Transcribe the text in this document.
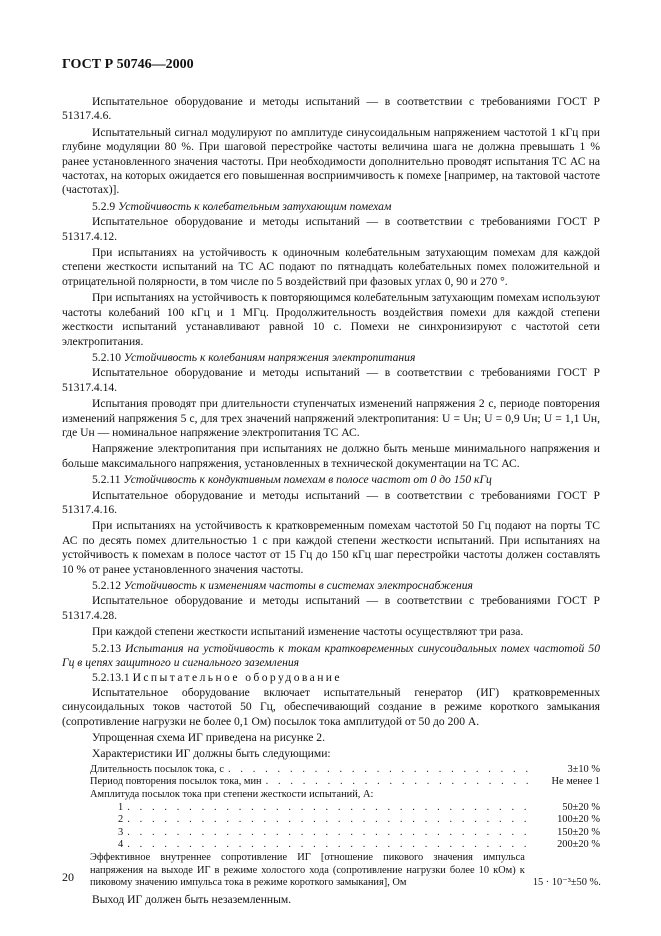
ГОСТ Р 50746—2000
Испытательное оборудование и методы испытаний — в соответствии с требованиями ГОСТ Р 51317.4.6.
Испытательный сигнал модулируют по амплитуде синусоидальным напряжением частотой 1 кГц при глубине модуляции 80 %. При шаговой перестройке частоты величина шага не должна превышать 1 % ранее установленного значения частоты. При необходимости дополнительно проводят испытания ТС АС на частотах, на которых ожидается его повышенная восприимчивость к помехе [например, на тактовой частоте (частотах)].
5.2.9 Устойчивость к колебательным затухающим помехам
Испытательное оборудование и методы испытаний — в соответствии с требованиями ГОСТ Р 51317.4.12.
При испытаниях на устойчивость к одиночным колебательным затухающим помехам для каждой степени жесткости испытаний на ТС АС подают по пятнадцать колебательных помех положительной и отрицательной полярности, в том числе по 5 воздействий при фазовых углах 0, 90 и 270 °.
При испытаниях на устойчивость к повторяющимся колебательным затухающим помехам используют частоты колебаний 100 кГц и 1 МГц. Продолжительность воздействия помехи для каждой степени жесткости испытаний устанавливают равной 10 с. Помехи не синхронизируют с частотой сети электропитания.
5.2.10 Устойчивость к колебаниям напряжения электропитания
Испытательное оборудование и методы испытаний — в соответствии с требованиями ГОСТ Р 51317.4.14.
Испытания проводят при длительности ступенчатых изменений напряжения 2 с, периоде повторения изменений напряжения 5 с, для трех значений напряжений электропитания: U = Uн; U = 0,9 Uн; U = 1,1 Uн, где Uн — номинальное напряжение электропитания ТС АС.
Напряжение электропитания при испытаниях не должно быть меньше минимального напряжения и больше максимального напряжения, установленных в технической документации на ТС АС.
5.2.11 Устойчивость к кондуктивным помехам в полосе частот от 0 до 150 кГц
Испытательное оборудование и методы испытаний — в соответствии с требованиями ГОСТ Р 51317.4.16.
При испытаниях на устойчивость к кратковременным помехам частотой 50 Гц подают на порты ТС АС по десять помех длительностью 1 с при каждой степени жесткости испытаний. При испытаниях на устойчивость к помехам в полосе частот от 15 Гц до 150 кГц шаг перестройки частоты должен составлять 10 % от ранее установленного значения частоты.
5.2.12 Устойчивость к изменениям частоты в системах электроснабжения
Испытательное оборудование и методы испытаний — в соответствии с требованиями ГОСТ Р 51317.4.28.
При каждой степени жесткости испытаний изменение частоты осуществляют три раза.
5.2.13 Испытания на устойчивость к токам кратковременных синусоидальных помех частотой 50 Гц в цепях защитного и сигнального заземления
5.2.13.1 Испытательное оборудование
Испытательное оборудование включает испытательный генератор (ИГ) кратковременных синусоидальных токов частотой 50 Гц, обеспечивающий создание в режиме короткого замыкания (сопротивление нагрузки не более 0,1 Ом) посылок тока амплитудой от 50 до 200 А.
Упрощенная схема ИГ приведена на рисунке 2.
Характеристики ИГ должны быть следующими:
Длительность посылок тока, с . . .	3±10 %
Период повторения посылок тока, мин . . .	Не менее 1
Амплитуда посылок тока при степени жесткости испытаний, А:
1 . . .	50±20 %
2 . . .	100±20 %
3 . . .	150±20 %
4 . . .	200±20 %
Эффективное внутреннее сопротивление ИГ [отношение пикового значения импульса напряжения на выходе ИГ в режиме холостого хода (сопротивление нагрузки более 10 кОм) к пиковому значению импульса тока в режиме короткого замыкания], Ом	15 · 10⁻³±50 %.
Выход ИГ должен быть незаземленным.
20
